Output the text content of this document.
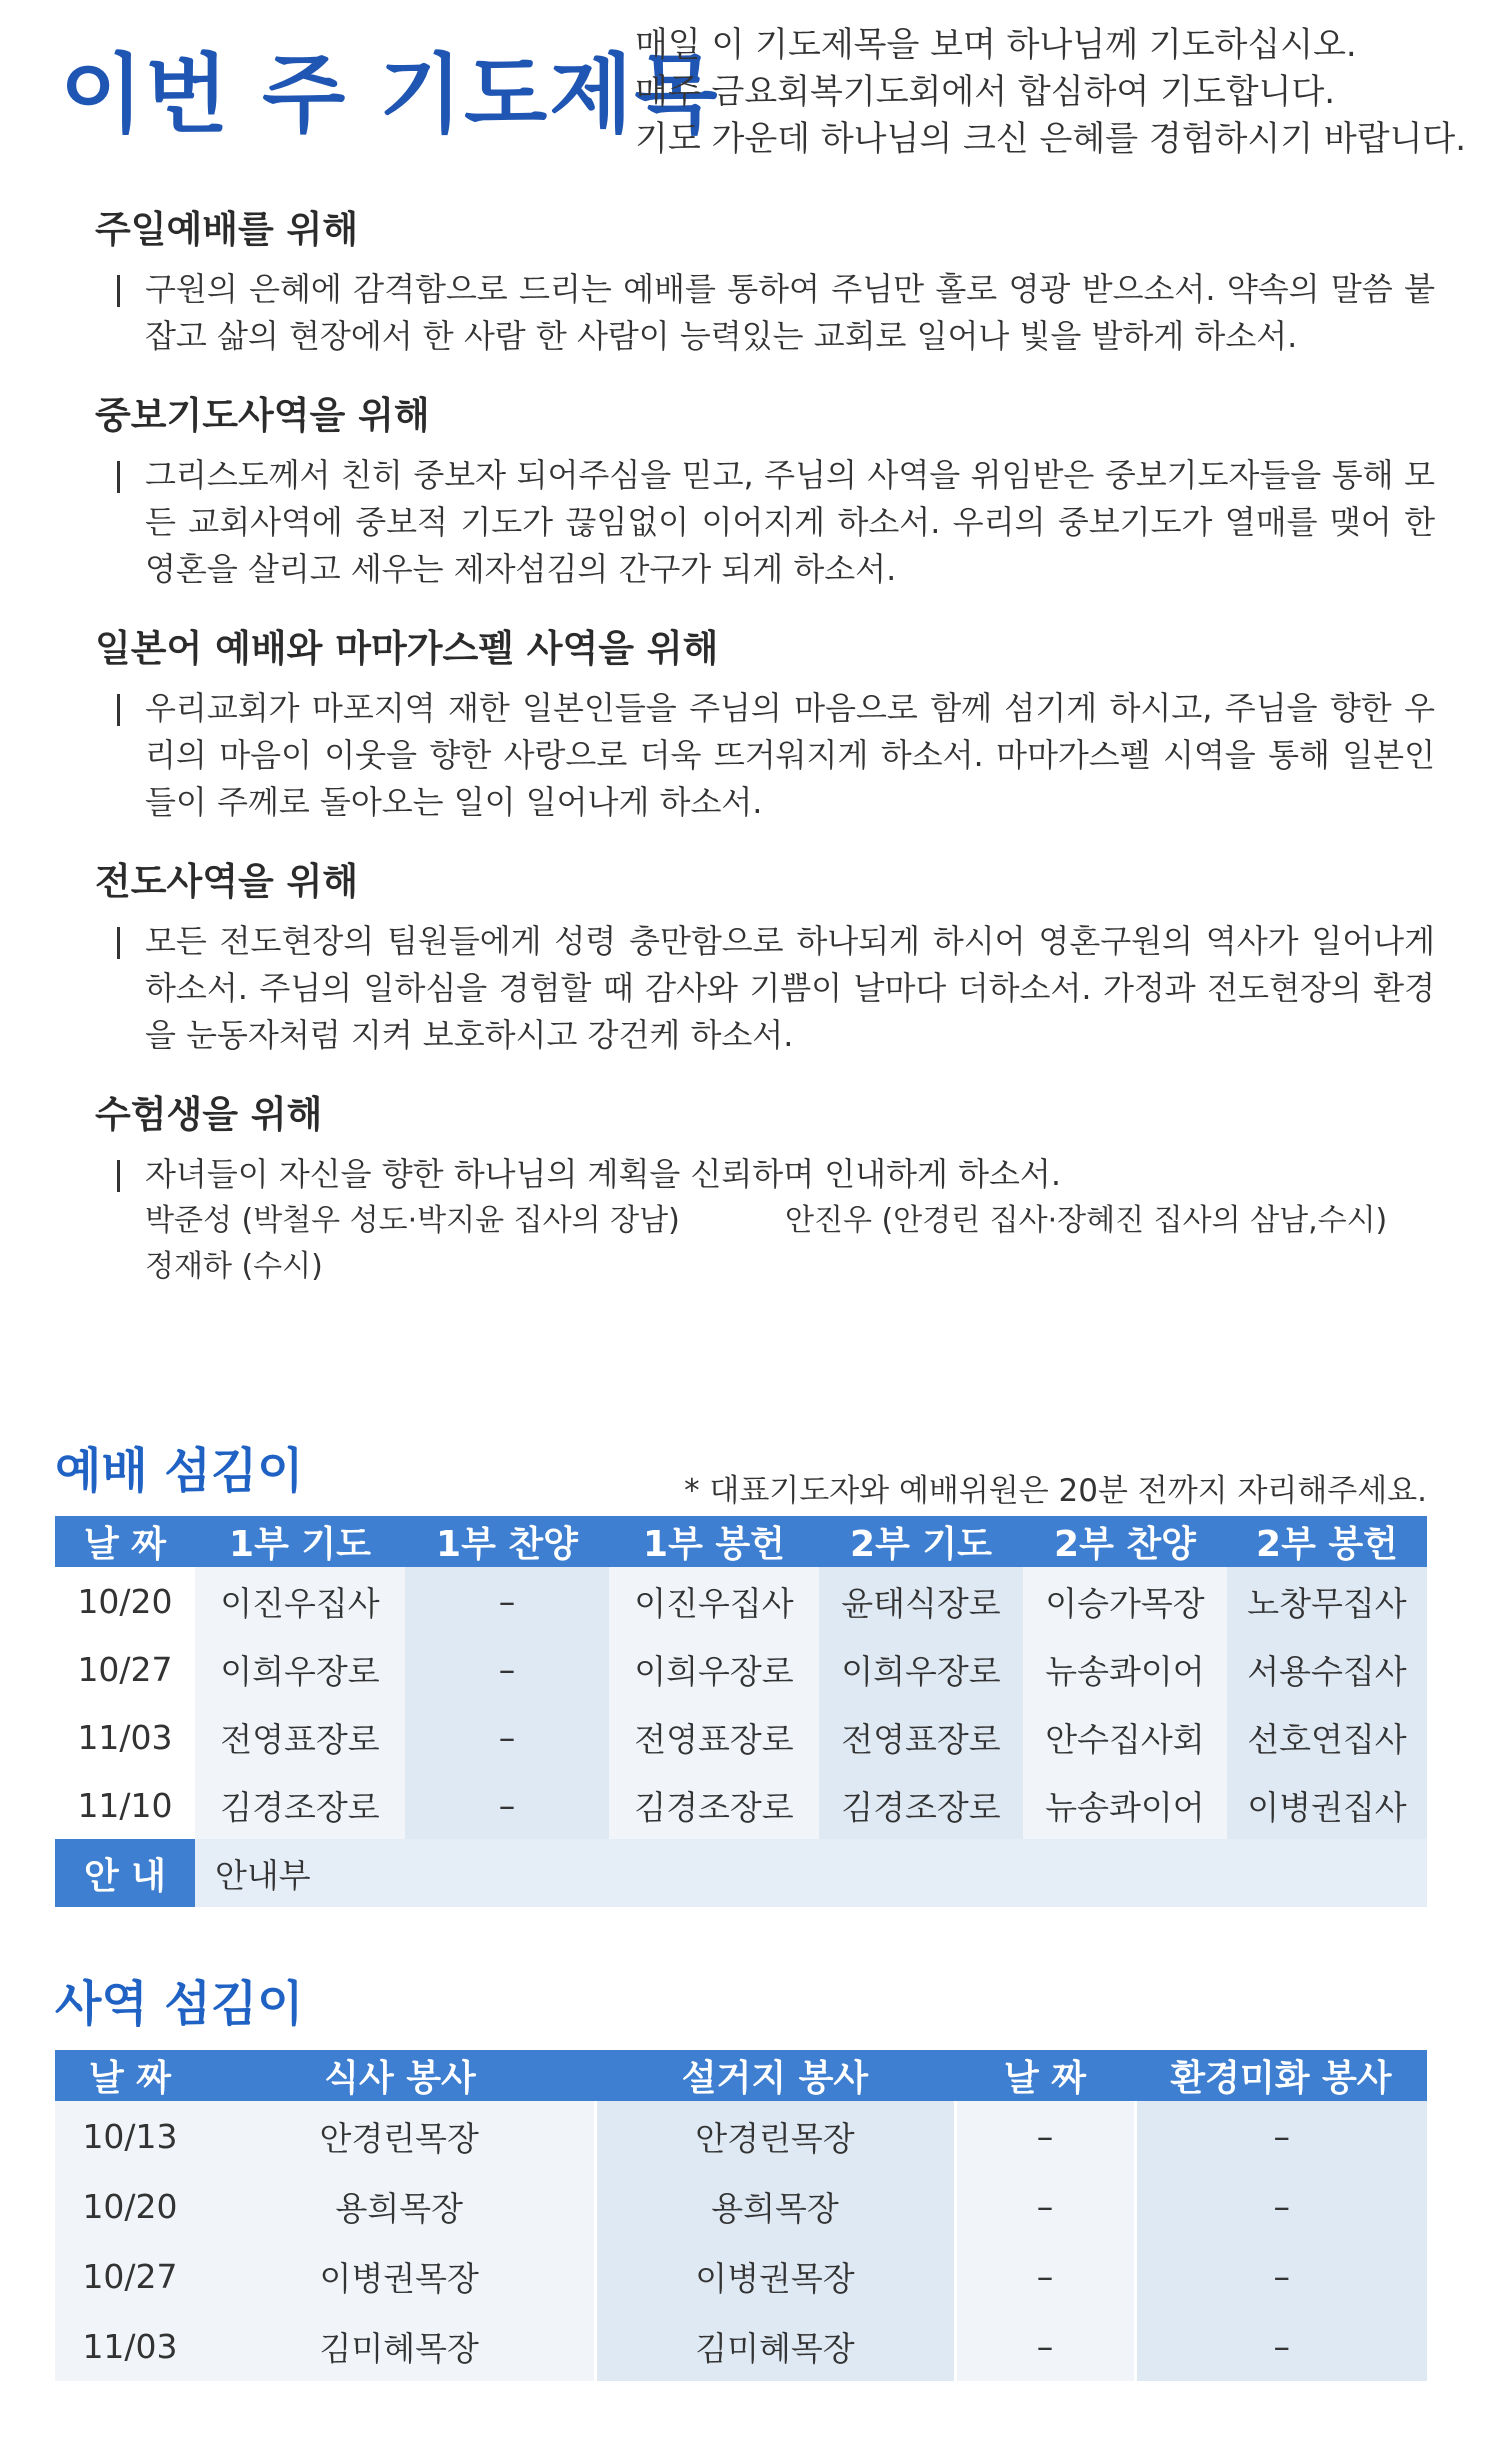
이번 주 기도제목
매일 이 기도제목을 보며 하나님께 기도하십시오.
매주 금요회복기도회에서 합심하여 기도합니다.
기도 가운데 하나님의 크신 은혜를 경험하시기 바랍니다.
주일예배를 위해
구원의 은혜에 감격함으로 드리는 예배를 통하여 주님만 홀로 영광 받으소서. 약속의 말씀 붙잡고 삶의 현장에서 한 사람 한 사람이 능력있는 교회로 일어나 빛을 발하게 하소서.
중보기도사역을 위해
그리스도께서 친히 중보자 되어주심을 믿고, 주님의 사역을 위임받은 중보기도자들을 통해 모든 교회사역에 중보적 기도가 끊임없이 이어지게 하소서. 우리의 중보기도가 열매를 맺어 한 영혼을 살리고 세우는 제자섬김의 간구가 되게 하소서.
일본어 예배와 마마가스펠 사역을 위해
우리교회가 마포지역 재한 일본인들을 주님의 마음으로 함께 섬기게 하시고, 주님을 향한 우리의 마음이 이웃을 향한 사랑으로 더욱 뜨거워지게 하소서. 마마가스펠 시역을 통해 일본인들이 주께로 돌아오는 일이 일어나게 하소서.
전도사역을 위해
모든 전도현장의 팀원들에게 성령 충만함으로 하나되게 하시어 영혼구원의 역사가 일어나게 하소서. 주님의 일하심을 경험할 때 감사와 기쁨이 날마다 더하소서. 가정과 전도현장의 환경을 눈동자처럼 지켜 보호하시고 강건케 하소서.
수험생을 위해
자녀들이 자신을 향한 하나님의 계획을 신뢰하며 인내하게 하소서.
박준성 (박철우 성도·박지윤 집사의 장남)	안진우 (안경린 집사·장혜진 집사의 삼남,수시)
정재하 (수시)
예배 섬김이	* 대표기도자와 예배위원은 20분 전까지 자리해주세요.
날 짜	1부 기도	1부 찬양	1부 봉헌	2부 기도	2부 찬양	2부 봉헌
10/20	이진우집사	–	이진우집사	윤태식장로	이승가목장	노창무집사
10/27	이희우장로	–	이희우장로	이희우장로	뉴송콰이어	서용수집사
11/03	전영표장로	–	전영표장로	전영표장로	안수집사회	선호연집사
11/10	김경조장로	–	김경조장로	김경조장로	뉴송콰이어	이병권집사
안 내	안내부					
사역 섬김이
날 짜	식사 봉사	설거지 봉사	날 짜	환경미화 봉사
10/13	안경린목장	안경린목장	–	–
10/20	용희목장	용희목장	–	–
10/27	이병권목장	이병권목장	–	–
11/03	김미혜목장	김미혜목장	–	–
